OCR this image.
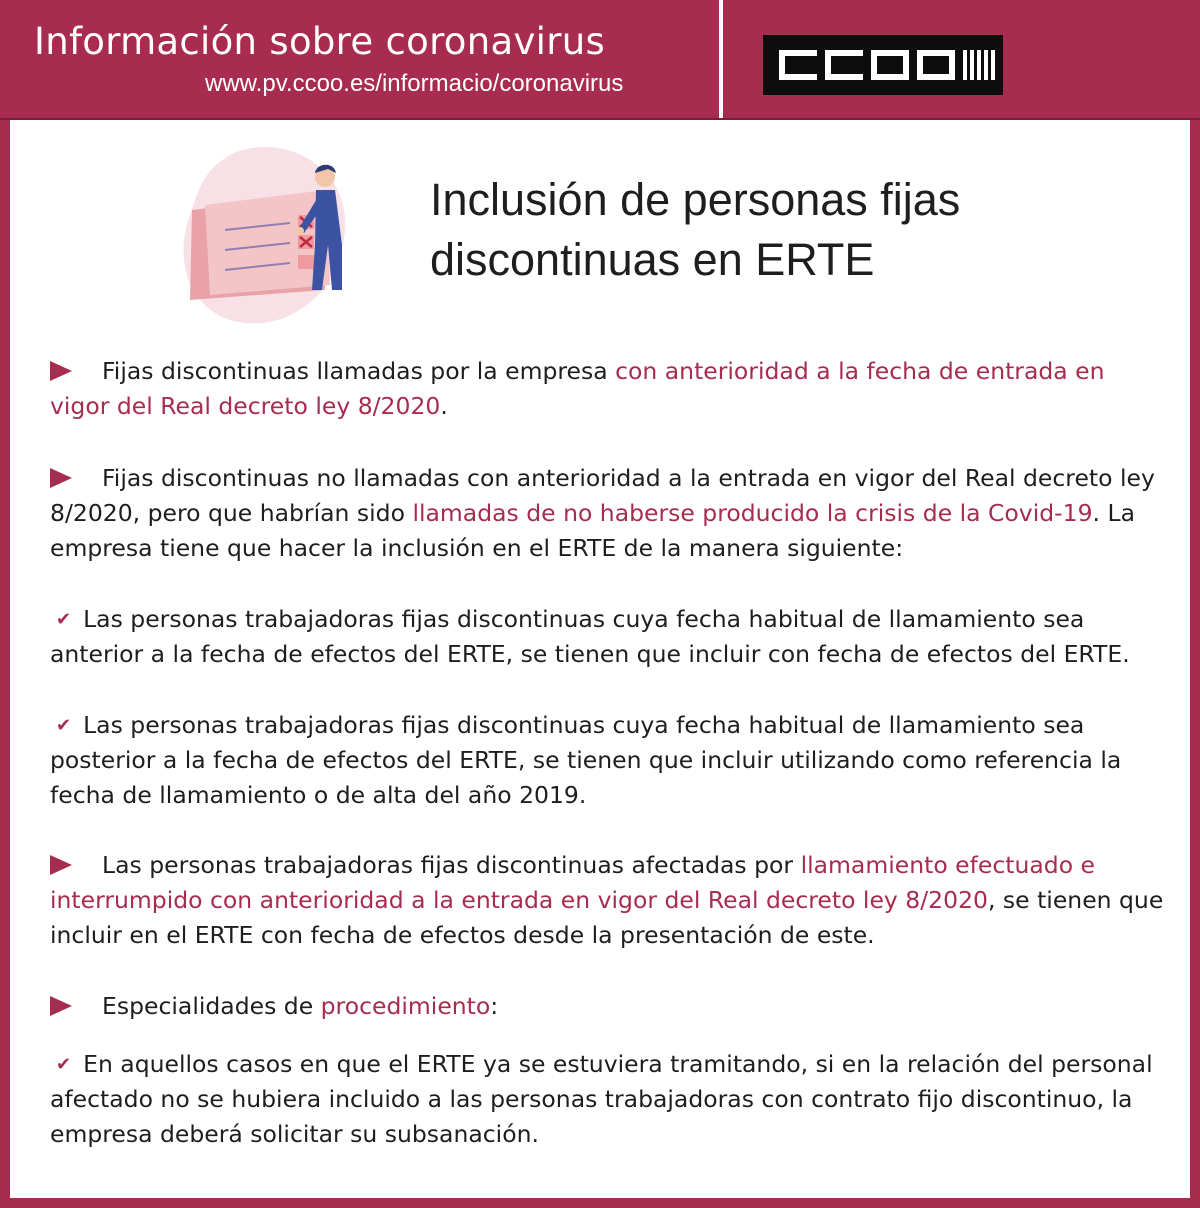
Información sobre coronavirus
www.pv.ccoo.es/informacio/coronavirus
Inclusión de personas fijas
discontinuas en ERTE
Fijas discontinuas llamadas por la empresa con anterioridad a la fecha de entrada en vigor del Real decreto ley 8/2020.
Fijas discontinuas no llamadas con anterioridad a la entrada en vigor del Real decreto ley 8/2020, pero que habrían sido llamadas de no haberse producido la crisis de la Covid-19. La empresa tiene que hacer la inclusión en el ERTE de la manera siguiente:
✔ Las personas trabajadoras fijas discontinuas cuya fecha habitual de llamamiento sea anterior a la fecha de efectos del ERTE, se tienen que incluir con fecha de efectos del ERTE.
✔ Las personas trabajadoras fijas discontinuas cuya fecha habitual de llamamiento sea posterior a la fecha de efectos del ERTE, se tienen que incluir utilizando como referencia la fecha de llamamiento o de alta del año 2019.
Las personas trabajadoras fijas discontinuas afectadas por llamamiento efectuado e interrumpido con anterioridad a la entrada en vigor del Real decreto ley 8/2020, se tienen que incluir en el ERTE con fecha de efectos desde la presentación de este.
Especialidades de procedimiento:
✔ En aquellos casos en que el ERTE ya se estuviera tramitando, si en la relación del personal afectado no se hubiera incluido a las personas trabajadoras con contrato fijo discontinuo, la empresa deberá solicitar su subsanación.
